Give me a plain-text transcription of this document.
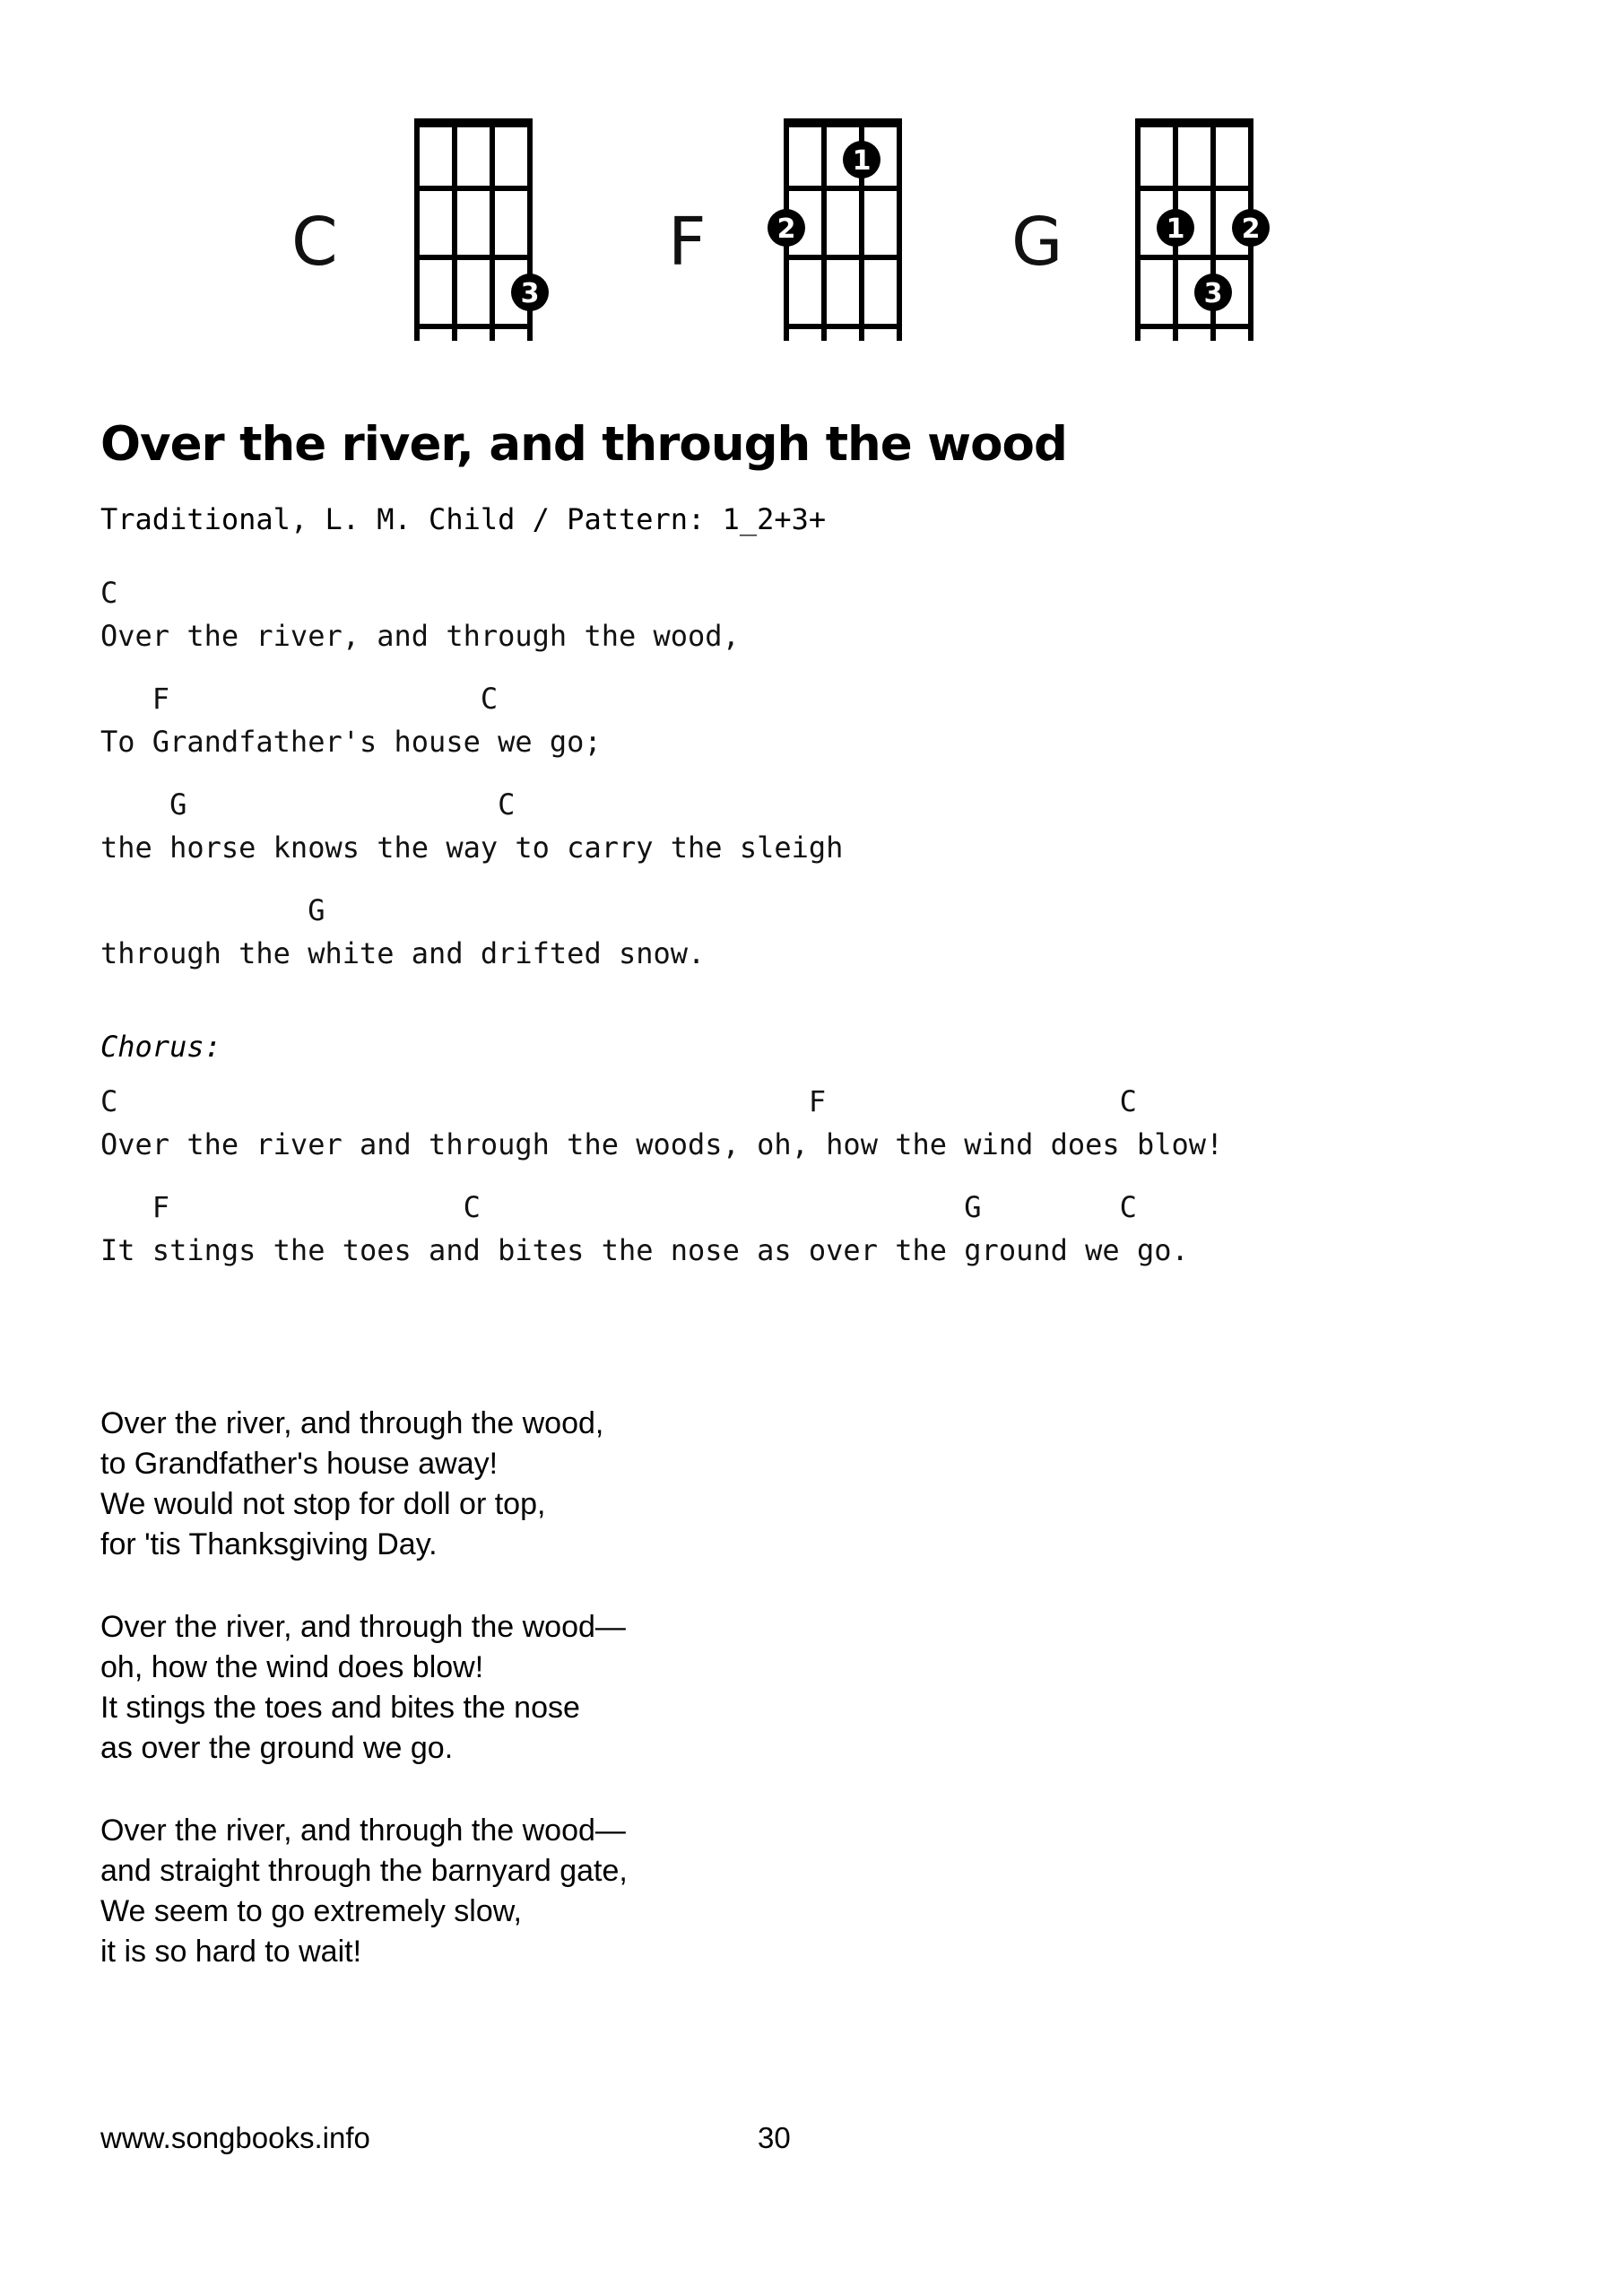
C
3
F
1
2	G	1 2
3
Over the river, and through the wood

Traditional, L. M. Child / Pattern: 1_2+3+

C
Over the river, and through the wood,
F                  C
To Grandfather's house we go;
G                  C
the horse knows the way to carry the sleigh
G
through the white and drifted snow.
C                                        F                 C
Over the river and through the woods, oh, how the wind does blow!
F                 C                            G        C
It stings the toes and bites the nose as over the ground we go.
Chorus:

Over the river, and through the wood,

to Grandfather's house away!

We would not stop for doll or top,

for 'tis Thanksgiving Day.

Over the river, and through the wood—

oh, how the wind does blow!

It stings the toes and bites the nose

as over the ground we go.

Over the river, and through the wood—

and straight through the barnyard gate,

We seem to go extremely slow,

it is so hard to wait!

www.songbooks.info	30
